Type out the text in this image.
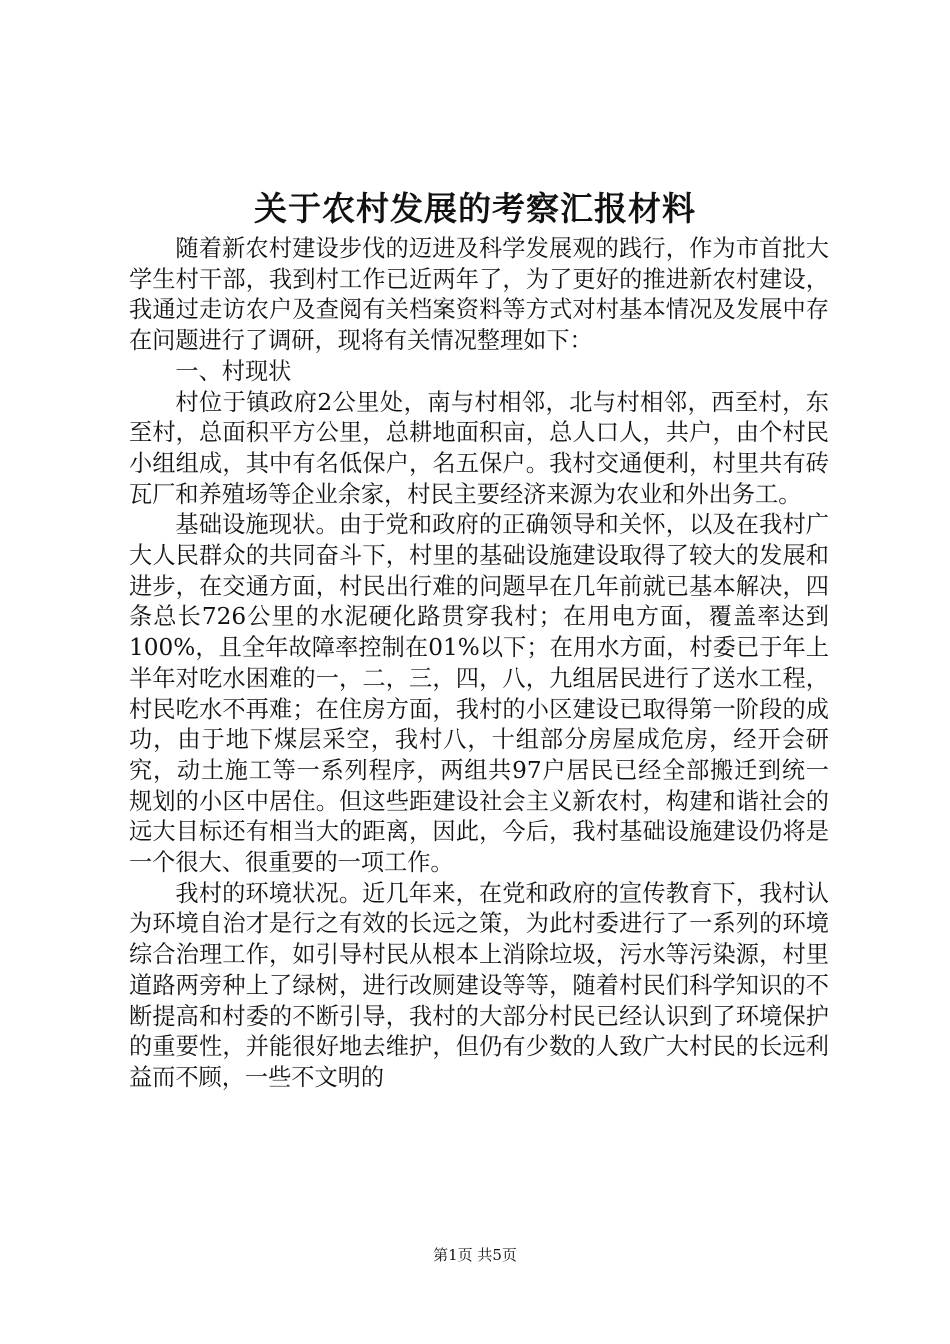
关于农村发展的考察汇报材料

随着新农村建设步伐的迈进及科学发展观的践行，作为市首批大学生村干部，我到村工作已近两年了，为了更好的推进新农村建设，我通过走访农户及查阅有关档案资料等方式对村基本情况及发展中存在问题进行了调研，现将有关情况整理如下：

一、村现状

村位于镇政府2公里处，南与村相邻，北与村相邻，西至村，东至村，总面积平方公里，总耕地面积亩，总人口人，共户，由个村民小组组成，其中有名低保户，名五保户。我村交通便利，村里共有砖瓦厂和养殖场等企业余家，村民主要经济来源为农业和外出务工。

基础设施现状。由于党和政府的正确领导和关怀，以及在我村广大人民群众的共同奋斗下，村里的基础设施建设取得了较大的发展和进步，在交通方面，村民出行难的问题早在几年前就已基本解决，四条总长726公里的水泥硬化路贯穿我村；在用电方面，覆盖率达到100%，且全年故障率控制在01%以下；在用水方面，村委已于年上半年对吃水困难的一，二，三，四，八，九组居民进行了送水工程，村民吃水不再难；在住房方面，我村的小区建设已取得第一阶段的成功，由于地下煤层采空，我村八，十组部分房屋成危房，经开会研究，动土施工等一系列程序，两组共97户居民已经全部搬迁到统一规划的小区中居住。但这些距建设社会主义新农村，构建和谐社会的远大目标还有相当大的距离，因此，今后，我村基础设施建设仍将是一个很大、很重要的一项工作。

我村的环境状况。近几年来，在党和政府的宣传教育下，我村认为环境自治才是行之有效的长远之策，为此村委进行了一系列的环境综合治理工作，如引导村民从根本上消除垃圾，污水等污染源，村里道路两旁种上了绿树，进行改厕建设等等，随着村民们科学知识的不断提高和村委的不断引导，我村的大部分村民已经认识到了环境保护的重要性，并能很好地去维护，但仍有少数的人致广大村民的长远利益而不顾，一些不文明的

第1页 共5页
